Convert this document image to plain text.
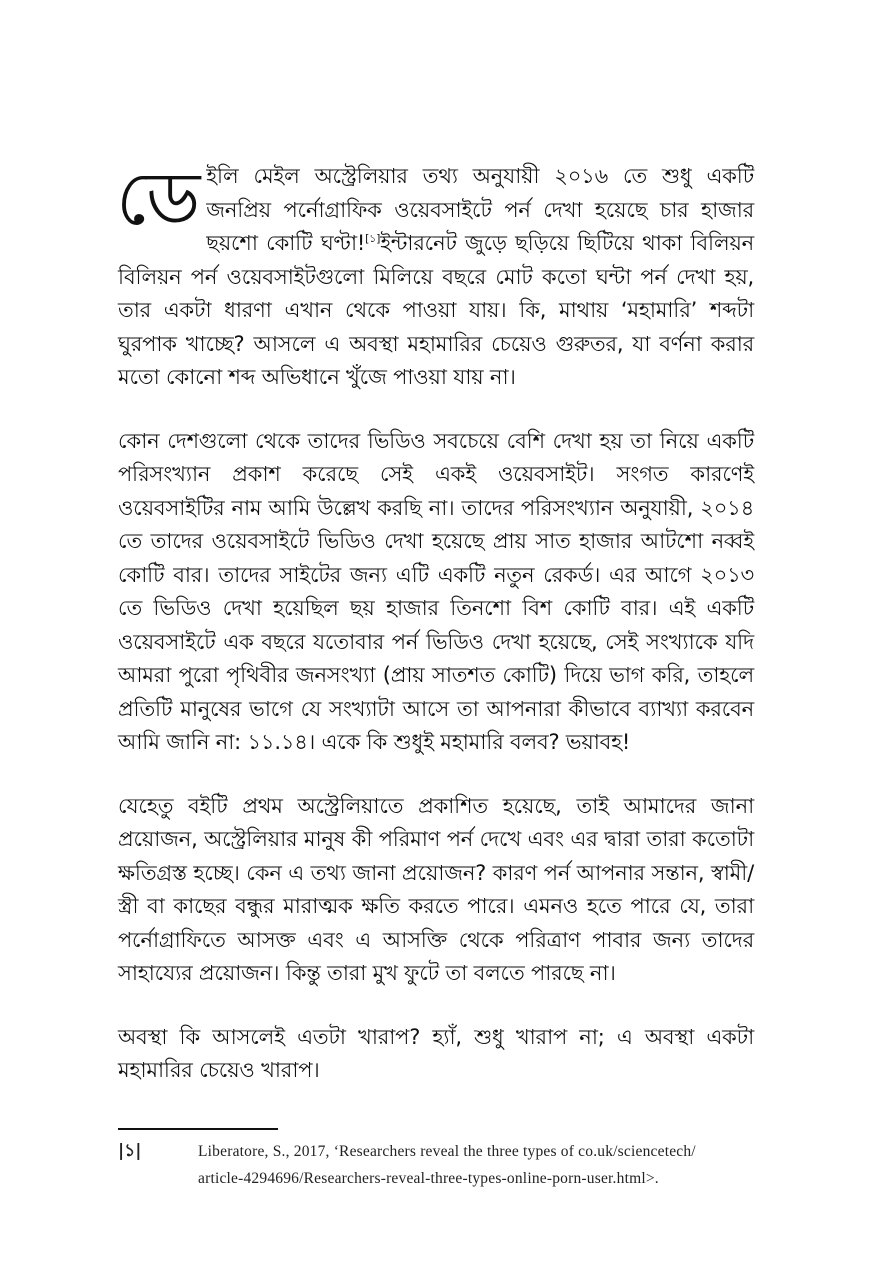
ডেইলি মেইল অস্ট্রেলিয়ার তথ্য অনুযায়ী ২০১৬ তে শুধু একটি জনপ্রিয় পর্নোগ্রাফিক ওয়েবসাইটে পর্ন দেখা হয়েছে চার হাজার ছয়শো কোটি ঘণ্টা![১]ইন্টারনেট জুড়ে ছড়িয়ে ছিটিয়ে থাকা বিলিয়ন বিলিয়ন পর্ন ওয়েবসাইটগুলো মিলিয়ে বছরে মোট কতো ঘন্টা পর্ন দেখা হয়, তার একটা ধারণা এখান থেকে পাওয়া যায়। কি, মাথায় ‘মহামারি’ শব্দটা ঘুরপাক খাচ্ছে? আসলে এ অবস্থা মহামারির চেয়েও গুরুতর, যা বর্ণনা করার মতো কোনো শব্দ অভিধানে খুঁজে পাওয়া যায় না।

কোন দেশগুলো থেকে তাদের ভিডিও সবচেয়ে বেশি দেখা হয় তা নিয়ে একটি পরিসংখ্যান প্রকাশ করেছে সেই একই ওয়েবসাইট। সংগত কারণেই ওয়েবসাইটির নাম আমি উল্লেখ করছি না। তাদের পরিসংখ্যান অনুযায়ী, ২০১৪ তে তাদের ওয়েবসাইটে ভিডিও দেখা হয়েছে প্রায় সাত হাজার আটশো নব্বই কোটি বার। তাদের সাইটের জন্য এটি একটি নতুন রেকর্ড। এর আগে ২০১৩ তে ভিডিও দেখা হয়েছিল ছয় হাজার তিনশো বিশ কোটি বার। এই একটি ওয়েবসাইটে এক বছরে যতোবার পর্ন ভিডিও দেখা হয়েছে, সেই সংখ্যাকে যদি আমরা পুরো পৃথিবীর জনসংখ্যা (প্রায় সাতশত কোটি) দিয়ে ভাগ করি, তাহলে প্রতিটি মানুষের ভাগে যে সংখ্যাটা আসে তা আপনারা কীভাবে ব্যাখ্যা করবেন আমি জানি না: ১১.১৪। একে কি শুধুই মহামারি বলব? ভয়াবহ!

যেহেতু বইটি প্রথম অস্ট্রেলিয়াতে প্রকাশিত হয়েছে, তাই আমাদের জানা প্রয়োজন, অস্ট্রেলিয়ার মানুষ কী পরিমাণ পর্ন দেখে এবং এর দ্বারা তারা কতোটা ক্ষতিগ্রস্ত হচ্ছে। কেন এ তথ্য জানা প্রয়োজন? কারণ পর্ন আপনার সন্তান, স্বামী/স্ত্রী বা কাছের বন্ধুর মারাত্মক ক্ষতি করতে পারে। এমনও হতে পারে যে, তারা পর্নোগ্রাফিতে আসক্ত এবং এ আসক্তি থেকে পরিত্রাণ পাবার জন্য তাদের সাহায্যের প্রয়োজন। কিন্তু তারা মুখ ফুটে তা বলতে পারছে না।

অবস্থা কি আসলেই এতটা খারাপ? হ্যাঁ, শুধু খারাপ না; এ অবস্থা একটা মহামারির চেয়েও খারাপ।

|১|	Liberatore, S., 2017, ‘Researchers reveal the three types of co.uk/sciencetech/
article-4294696/Researchers-reveal-three-types-online-porn-user.html>.
